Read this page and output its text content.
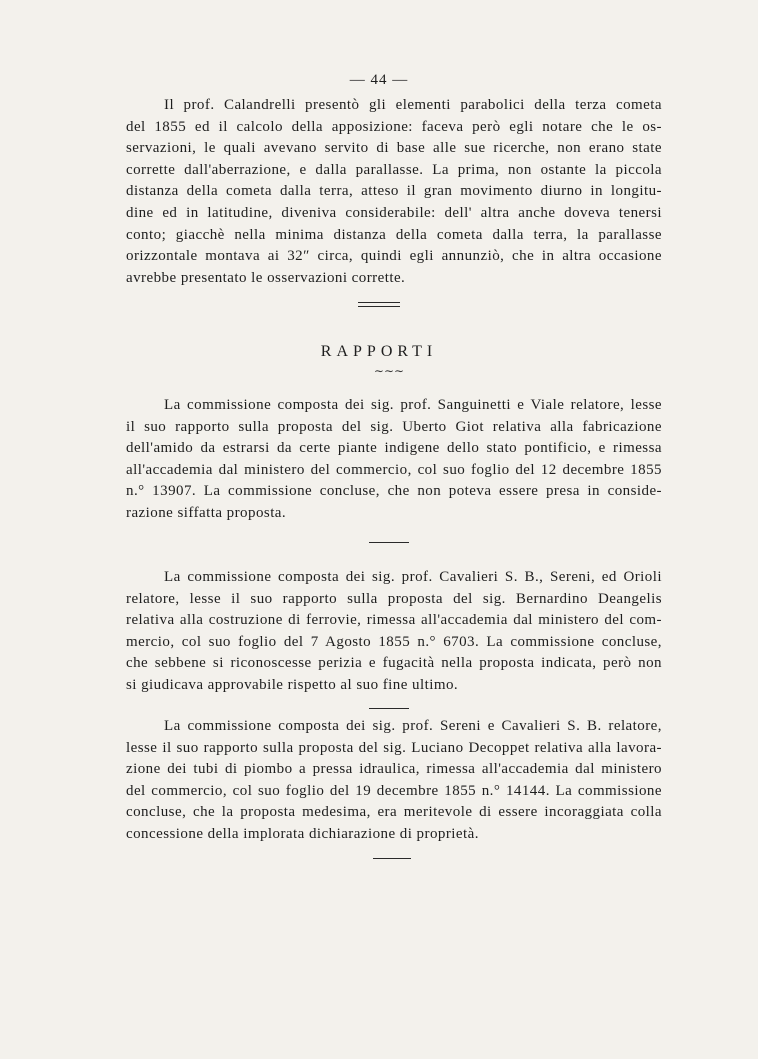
— 44 —
Il prof. Calandrelli presentò gli elementi parabolici della terza cometa
del 1855 ed il calcolo della apposizione: faceva però egli notare che le os-
servazioni, le quali avevano servito di base alle sue ricerche, non erano state
corrette dall'aberrazione, e dalla parallasse. La prima, non ostante la piccola
distanza della cometa dalla terra, atteso il gran movimento diurno in longitu-
dine ed in latitudine, diveniva considerabile: dell' altra anche doveva tenersi
conto; giacchè nella minima distanza della cometa dalla terra, la parallasse
orizzontale montava ai 32″ circa, quindi egli annunziò, che in altra occasione
avrebbe presentato le osservazioni corrette.
RAPPORTI
∼∼∼
La commissione composta dei sig. prof. Sanguinetti e Viale relatore, lesse
il suo rapporto sulla proposta del sig. Uberto Giot relativa alla fabricazione
dell'amido da estrarsi da certe piante indigene dello stato pontificio, e rimessa
all'accademia dal ministero del commercio, col suo foglio del 12 decembre 1855
n.° 13907. La commissione concluse, che non poteva essere presa in conside-
razione siffatta proposta.
La commissione composta dei sig. prof. Cavalieri S. B., Sereni, ed Orioli
relatore, lesse il suo rapporto sulla proposta del sig. Bernardino Deangelis
relativa alla costruzione di ferrovie, rimessa all'accademia dal ministero del com-
mercio, col suo foglio del 7 Agosto 1855 n.° 6703. La commissione concluse,
che sebbene si riconoscesse perizia e fugacità nella proposta indicata, però non
si giudicava approvabile rispetto al suo fine ultimo.
La commissione composta dei sig. prof. Sereni e Cavalieri S. B. relatore,
lesse il suo rapporto sulla proposta del sig. Luciano Decoppet relativa alla lavora-
zione dei tubi di piombo a pressa idraulica, rimessa all'accademia dal ministero
del commercio, col suo foglio del 19 decembre 1855 n.° 14144. La commissione
concluse, che la proposta medesima, era meritevole di essere incoraggiata colla
concessione della implorata dichiarazione di proprietà.
